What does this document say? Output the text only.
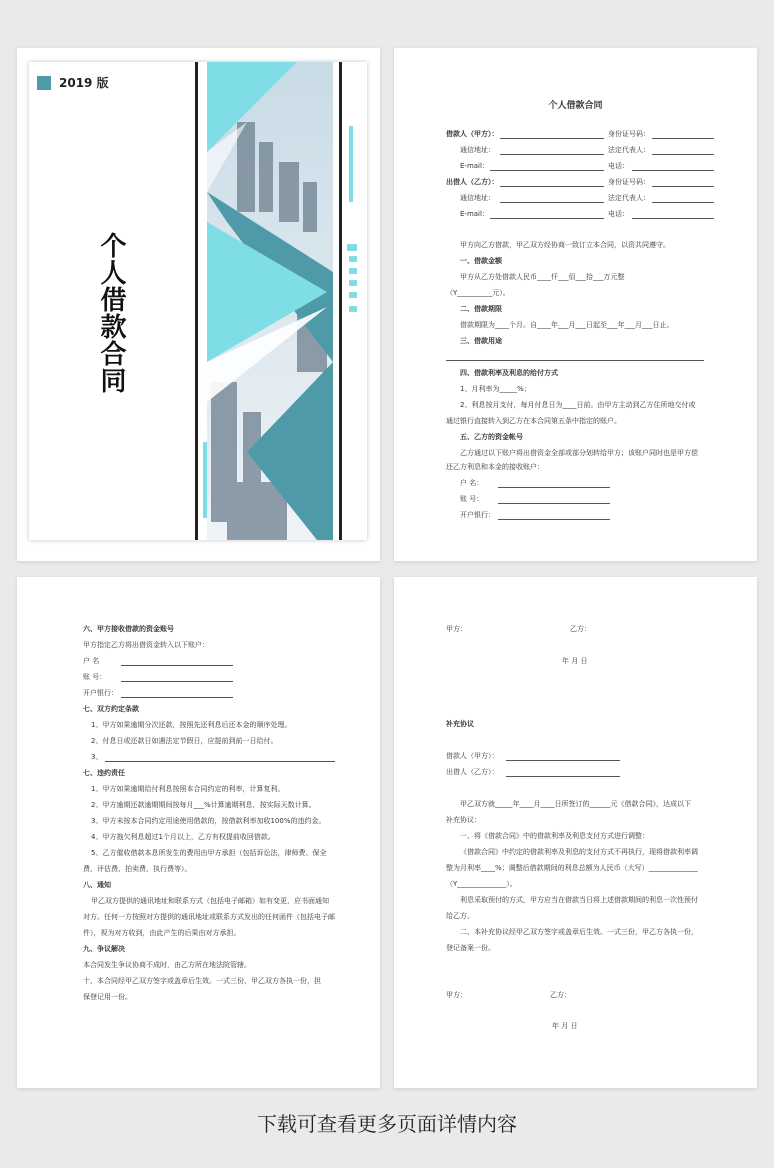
2019 版
个人借款合同
个人借款合同
借款人（甲方）：	身份证号码：
通信地址：	法定代表人：
E-mail：	电话：
出借人（乙方）：	身份证号码：
通信地址：	法定代表人：
E-mail：	电话：
甲方向乙方借款，甲乙双方经协商一致订立本合同，以资共同遵守。
一、借款金额
甲方从乙方处借款人民币____仟___佰___拾___万元整
（Y__________元）。
二、借款期限
借款期限为____个月。自____年___月___日起至___年___月___日止。
三、借款用途
四、借款利率及利息的给付方式
1、月利率为_____%；
2、利息按月支付，每月付息日为____日前。由甲方主动到乙方住所地交付或
通过银行直接转入到乙方在本合同第五条中指定的账户。
五、乙方的资金帐号
乙方通过以下账户将出借资金全部或部分划转给甲方；该账户同时也是甲方偿
还乙方利息和本金的接收账户：
户 名：
账 号：
开户银行：
六、甲方接收借款的资金账号
甲方指定乙方将出借资金转入以下账户：
户 名
账 号：
开户银行：
七、双方约定条款
1、甲方如果逾期分次还款，按照先还利息后还本金的顺序处理。
2、付息日或还款日如遇法定节假日，应提前到前一日给付。
3、
七、违约责任
1、甲方如果逾期给付利息按照本合同约定的利率，计算复利。
2、甲方逾期还款逾期期间按每月___%计算逾期利息，按实际天数计算。
3、甲方未按本合同约定用途使用借款的，按借款利率加收100%的违约金。
4、甲方拖欠利息超过1个月以上，乙方有权提前收回借款。
5、乙方催收借款本息所发生的费用由甲方承担（包括诉讼法，律师费、保全
费、评估费、拍卖费、执行费等）。
八、通知
甲乙双方提供的通讯地址和联系方式（包括电子邮箱）如有变更，应书面通知
对方。任何一方按照对方提供的通讯地址或联系方式发出的任何函件（包括电子邮
件），视为对方收到，由此产生的后果由对方承担。
九、争议解决
本合同发生争议协商不成时，由乙方所在地法院管辖。
十、本合同经甲乙双方签字或盖章后生效。一式三份，甲乙双方各执一份，担
保登记用一份。
甲方：	乙方：
年 月 日
补充协议
借款人（甲方）：
出借人（乙方）：
甲乙双方就_____年____月____日所签订的______元《借款合同》，达成以下
补充协议：
一、将《借款合同》中的借款利率及利息支付方式进行调整：
《借款合同》中约定的借款利率及利息的支付方式不再执行，现将借款利率调
整为月利率____%；调整后借款期间的利息总额为人民币（大写）______________
（Y______________）。
利息采取预付的方式，甲方应当在借款当日将上述借款期间的利息一次性预付
给乙方。
二、本补充协议经甲乙双方签字或盖章后生效。一式三份，甲乙方各执一份，
登记备案一份。
甲方：	乙方：
年 月 日
下载可查看更多页面详情内容
